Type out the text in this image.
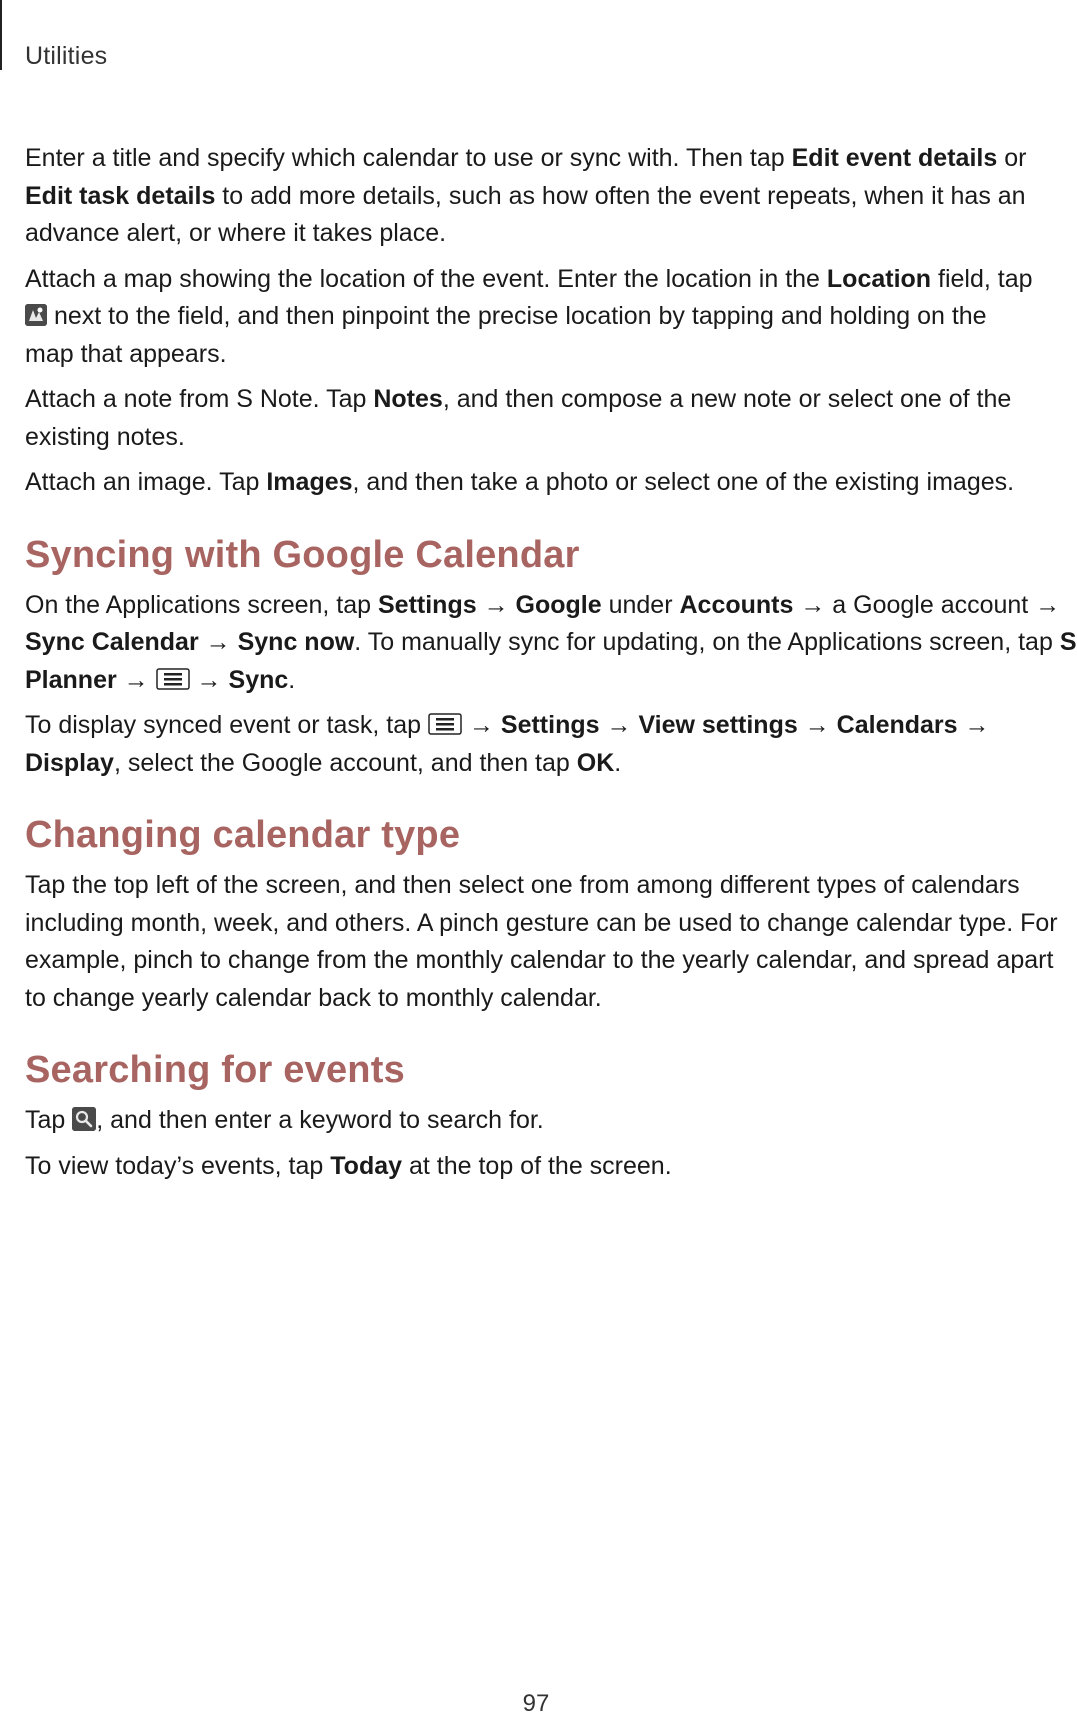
Utilities

Enter a title and specify which calendar to use or sync with. Then tap Edit event details or
Edit task details to add more details, such as how often the event repeats, when it has an
advance alert, or where it takes place.

Attach a map showing the location of the event. Enter the location in the Location field, tap

next to the field, and then pinpoint the precise location by tapping and holding on the
map that appears.

Attach a note from S Note. Tap Notes, and then compose a new note or select one of the
existing notes.

Attach an image. Tap Images, and then take a photo or select one of the existing images.

Syncing with Google Calendar

On the Applications screen, tap Settings → Google under Accounts → a Google account →
Sync Calendar → Sync now. To manually sync for updating, on the Applications screen, tap S
Planner →
→ Sync.

To display synced event or task, tap
→ Settings → View settings → Calendars →
Display, select the Google account, and then tap OK.

Changing calendar type

Tap the top left of the screen, and then select one from among different types of calendars
including month, week, and others. A pinch gesture can be used to change calendar type. For
example, pinch to change from the monthly calendar to the yearly calendar, and spread apart
to change yearly calendar back to monthly calendar.

Searching for events

Tap
, and then enter a keyword to search for.

To view today’s events, tap Today at the top of the screen.

97
